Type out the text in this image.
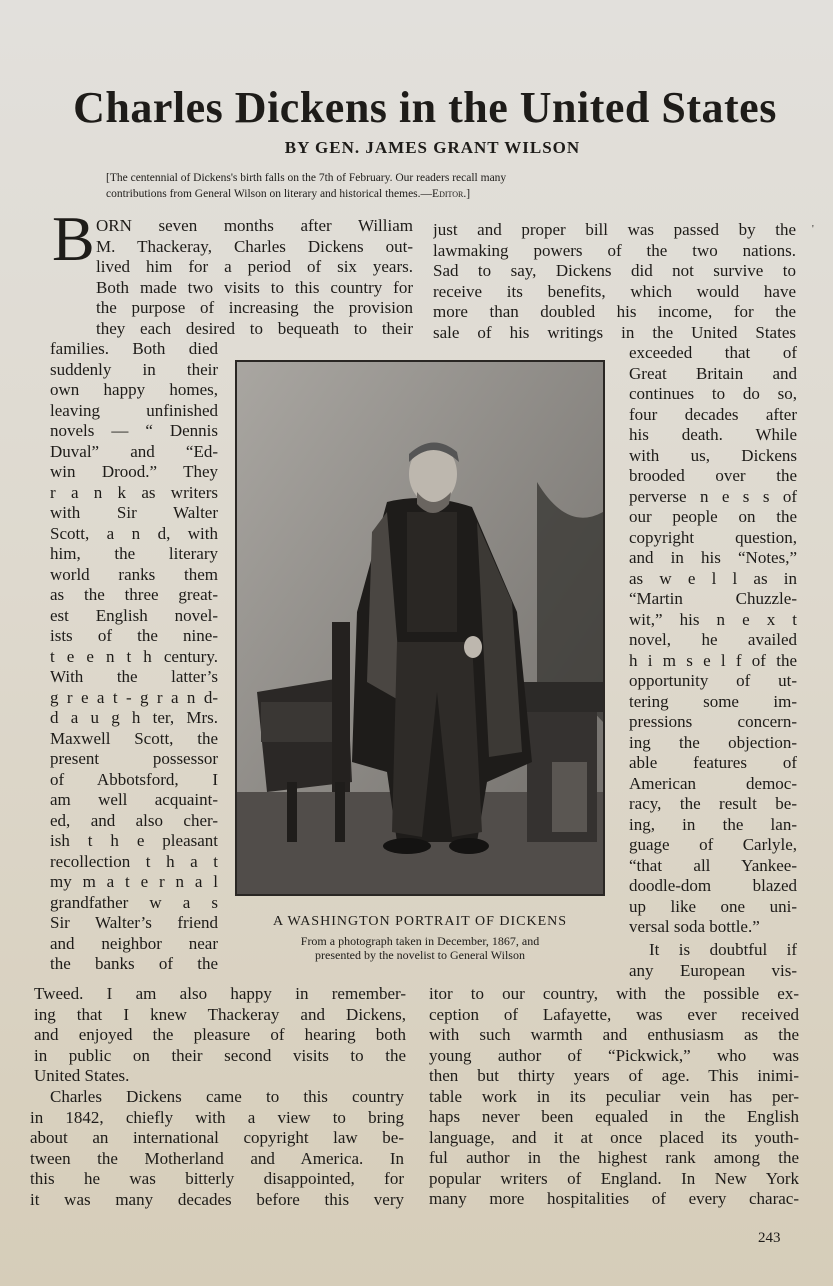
Charles Dickens in the United States
BY GEN. JAMES GRANT WILSON
[The centennial of Dickens's birth falls on the 7th of February. Our readers recall many
contributions from General Wilson on literary and historical themes.—Editor.]
B	'
ORN seven months after William
M. Thackeray, Charles Dickens out-
lived him for a period of six years.
Both made two visits to this country for
the purpose of increasing the provision
they each desired to bequeath to their
families. Both died
suddenly in their
own happy homes,
leaving unfinished
novels — “ Dennis
Duval” and “Ed-
win Drood.” They
r a n k as writers
with Sir Walter
Scott, a n d, with
him, the literary
world ranks them
as the three great-
est English novel-
ists of the nine-
t e e n t h century.
With the latter’s
g r e a t - g r a n d-
d a u g h ter, Mrs.
Maxwell Scott, the
present possessor
of Abbotsford, I
am well acquaint-
ed, and also cher-
ish t h e pleasant
recollection t h a t
my m a t e r n a l
grandfather w a s
Sir Walter’s friend
and neighbor near
the banks of the
Tweed. I am also happy in remember-
ing that I knew Thackeray and Dickens,
and enjoyed the pleasure of hearing both
in public on their second visits to the
United States.
Charles Dickens came to this country
in 1842, chiefly with a view to bring
about an international copyright law be-
tween the Motherland and America. In
this he was bitterly disappointed, for
it was many decades before this very
just and proper bill was passed by the
lawmaking powers of the two nations.
Sad to say, Dickens did not survive to
receive its benefits, which would have
more than doubled his income, for the
sale of his writings in the United States
exceeded that of
Great Britain and
continues to do so,
four decades after
his death. While
with us, Dickens
brooded over the
perverse n e s s of
our people on the
copyright question,
and in his “Notes,”
as w e l l as in
“Martin Chuzzle-
wit,” his n e x t
novel, he availed
h i m s e l f of the
opportunity of ut-
tering some im-
pressions concern-
ing the objection-
able features of
American democ-
racy, the result be-
ing, in the lan-
guage of Carlyle,
“that all Yankee-
doodle-dom blazed
up like one uni-
versal soda bottle.”
It is doubtful if
any European vis-
itor to our country, with the possible ex-
ception of Lafayette, was ever received
with such warmth and enthusiasm as the
young author of “Pickwick,” who was
then but thirty years of age. This inimi-
table work in its peculiar vein has per-
haps never been equaled in the English
language, and it at once placed its youth-
ful author in the highest rank among the
popular writers of England. In New York
many more hospitalities of every charac-
A WASHINGTON PORTRAIT OF DICKENS
From a photograph taken in December, 1867, and
presented by the novelist to General Wilson
243
